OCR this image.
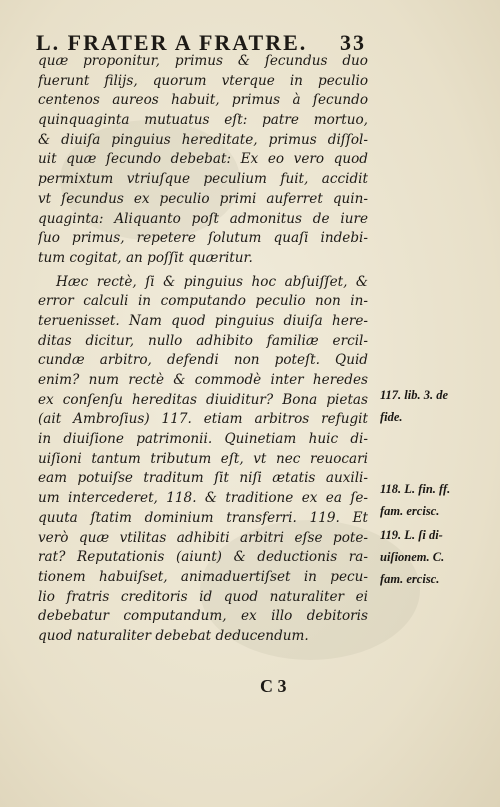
L. FRATER A FRATRE. 33
quæ proponitur, primus & ſecundus duo
fuerunt filijs, quorum vterque in peculio
centenos aureos habuit, primus à ſecundo
quinquaginta mutuatus eſt: patre mortuo,
& diuiſa pinguius hereditate, primus diſſol-
uit quæ ſecundo debebat: Ex eo vero quod
permixtum vtriuſque peculium fuit, accidit
vt ſecundus ex peculio primi auferret quin-
quaginta: Aliquanto poſt admonitus de iure
ſuo primus, repetere ſolutum quaſi indebi-
tum cogitat, an poſſit quæritur.
Hæc rectè, ſi & pinguius hoc abſuiſſet, &
error calculi in computando peculio non in-
teruenisset. Nam quod pinguius diuiſa here-
ditas dicitur, nullo adhibito familiæ ercil-
cundæ arbitro, defendi non poteſt. Quid
enim? num rectè & commodè inter heredes
ex conſenſu hereditas diuiditur? Bona pietas
(ait Ambroſius) 117. etiam arbitros refugit
in diuiſione patrimonii. Quinetiam huic di-
uiſioni tantum tributum eſt, vt nec reuocari
eam potuiſse traditum ſit niſi ætatis auxili-
um intercederet, 118. & traditione ex ea ſe-
quuta ſtatim dominium transferri. 119. Et
verò quæ vtilitas adhibiti arbitri eſse pote-
rat? Reputationis (aiunt) & deductionis ra-
tionem habuiſset, animaduertiſset in pecu-
lio fratris creditoris id quod naturaliter ei
debebatur computandum, ex illo debitoris
quod naturaliter debebat deducendum.
117. lib. 3. de
fide.
118. L. fin. ff.
fam. ercisc.
119. L. ſi di-
uiſionem. C.
fam. ercisc.
C 3
